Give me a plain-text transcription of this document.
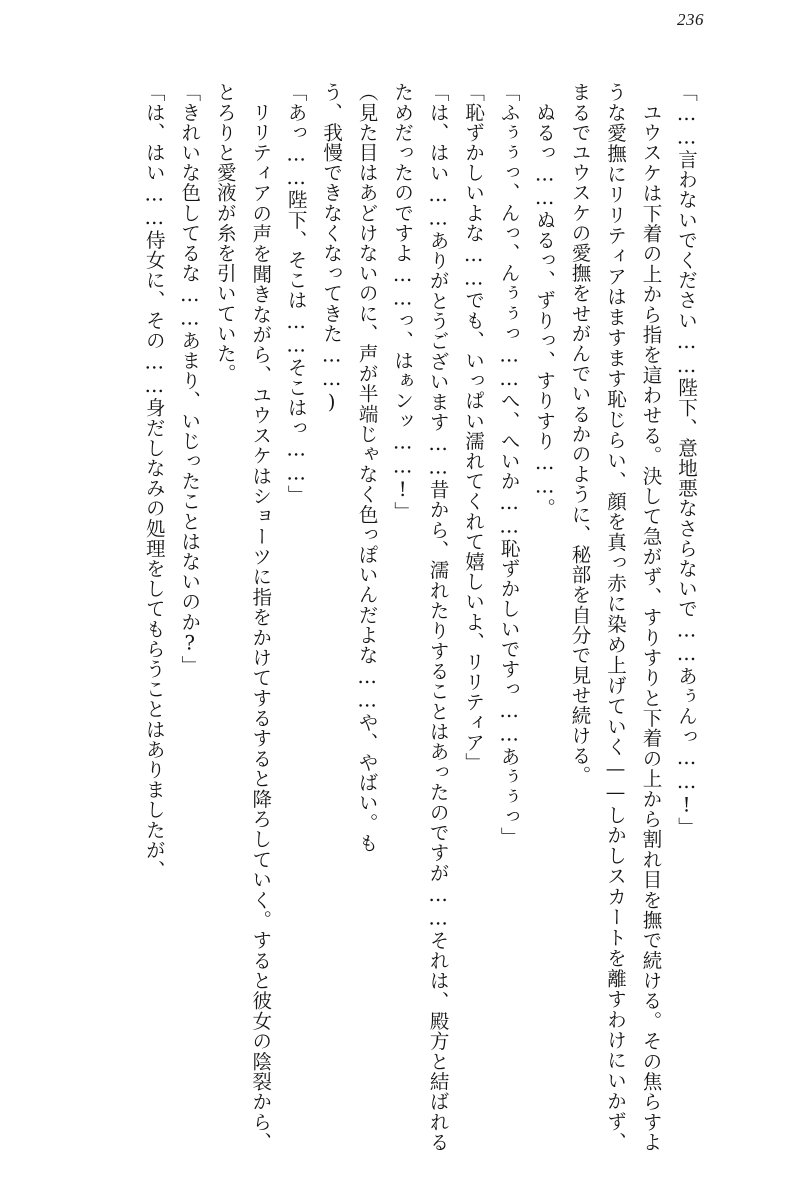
236
「……言わないでください……陛下、意地悪なさらないで……あぅんっ……!」
　ユウスケは下着の上から指を這わせる。決して急がず、すりすりと下着の上から割れ目を撫で続ける。その焦らすような愛撫にリリティアはますます恥じらい、顔を真っ赤に染め上げていく——しかしスカートを離すわけにいかず、まるでユウスケの愛撫をせがんでいるかのように、秘部を自分で見せ続ける。
　ぬるっ……ぬるっ、ずりっ、すりすり……。
「ふぅぅっ、んっ、んぅぅっ……へ、へいか……恥ずかしいですっ……あぅぅっ」
「恥ずかしいよな……でも、いっぱい濡れてくれて嬉しいよ、リリティア」
「は、はい……ありがとうございます……昔から、濡れたりすることはあったのですが……それは、殿方と結ばれるためだったのですよ……っ、はぁンッ……!」
（見た目はあどけないのに、声が半端じゃなく色っぽいんだよな……や、やばい。も
う、我慢できなくなってきた……)
「あっ……陛下、そこは……そこはっ……」
　リリティアの声を聞きながら、ユウスケはショーツに指をかけてするすると降ろしていく。すると彼女の陰裂から、とろりと愛液が糸を引いていた。
「きれいな色してるな……あまり、いじったことはないのか?」
「は、はい……侍女に、その……身だしなみの処理をしてもらうことはありましたが、
